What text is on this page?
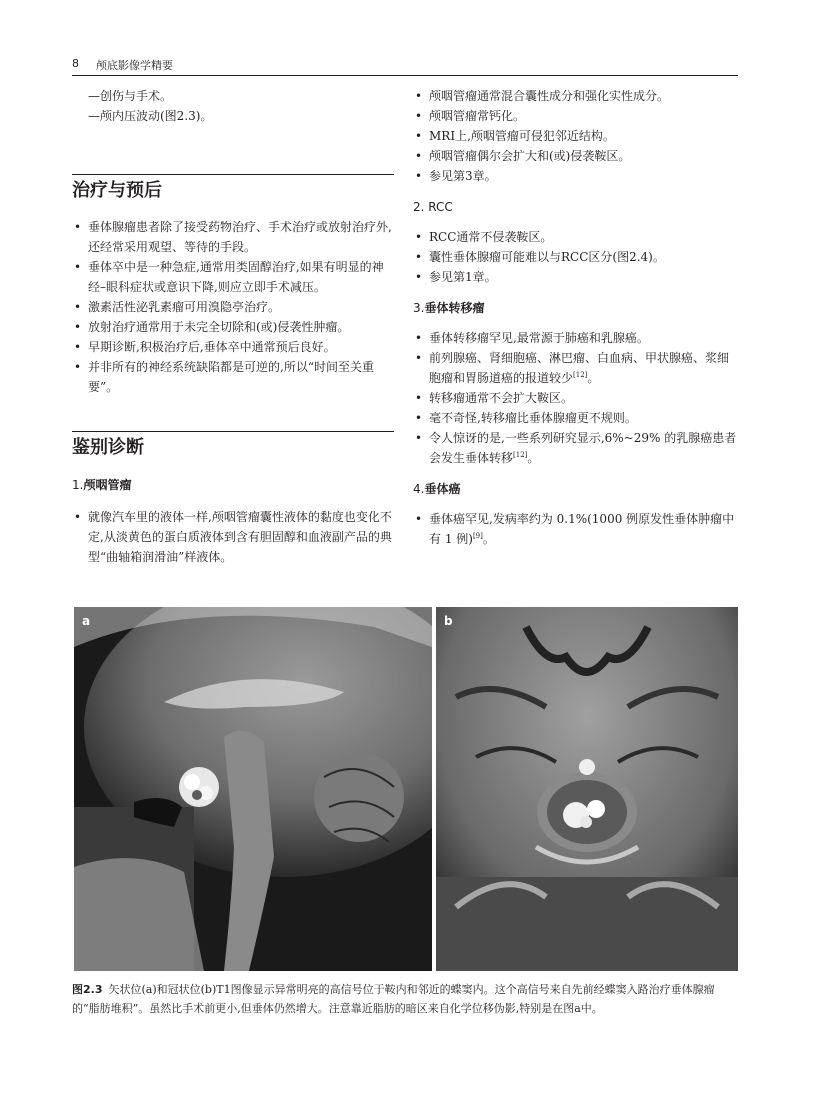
8 颅底影像学精要
—创伤与手术。
—颅内压波动(图2.3)。
治疗与预后
• 垂体腺瘤患者除了接受药物治疗、手术治疗或放射治疗外,还经常采用观望、等待的手段。
• 垂体卒中是一种急症,通常用类固醇治疗,如果有明显的神经–眼科症状或意识下降,则应立即手术减压。
• 激素活性泌乳素瘤可用溴隐亭治疗。
• 放射治疗通常用于未完全切除和(或)侵袭性肿瘤。
• 早期诊断,积极治疗后,垂体卒中通常预后良好。
• 并非所有的神经系统缺陷都是可逆的,所以“时间至关重要”。
鉴别诊断

1.颅咽管瘤

• 就像汽车里的液体一样,颅咽管瘤囊性液体的黏度也变化不定,从淡黄色的蛋白质液体到含有胆固醇和血液副产品的典型“曲轴箱润滑油”样液体。
• 颅咽管瘤通常混合囊性成分和强化实性成分。
• 颅咽管瘤常钙化。
• MRI上,颅咽管瘤可侵犯邻近结构。
• 颅咽管瘤偶尔会扩大和(或)侵袭鞍区。
• 参见第3章。

2. RCC

• RCC通常不侵袭鞍区。
• 囊性垂体腺瘤可能难以与RCC区分(图2.4)。
• 参见第1章。

3.垂体转移瘤

• 垂体转移瘤罕见,最常源于肺癌和乳腺癌。
• 前列腺癌、肾细胞癌、淋巴瘤、白血病、甲状腺癌、浆细胞瘤和胃肠道癌的报道较少[12]。
• 转移瘤通常不会扩大鞍区。
• 毫不奇怪,转移瘤比垂体腺瘤更不规则。
• 令人惊讶的是,一些系列研究显示,6%~29% 的乳腺癌患者会发生垂体转移[12]。

4.垂体癌

• 垂体癌罕见,发病率约为 0.1%(1000 例原发性垂体肿瘤中有 1 例)[9]。
a	b
图2.3 矢状位(a)和冠状位(b)T1图像显示异常明亮的高信号位于鞍内和邻近的蝶窦内。这个高信号来自先前经蝶窦入路治疗垂体腺瘤的“脂肪堆积”。虽然比手术前更小,但垂体仍然增大。注意靠近脂肪的暗区来自化学位移伪影,特别是在图a中。
